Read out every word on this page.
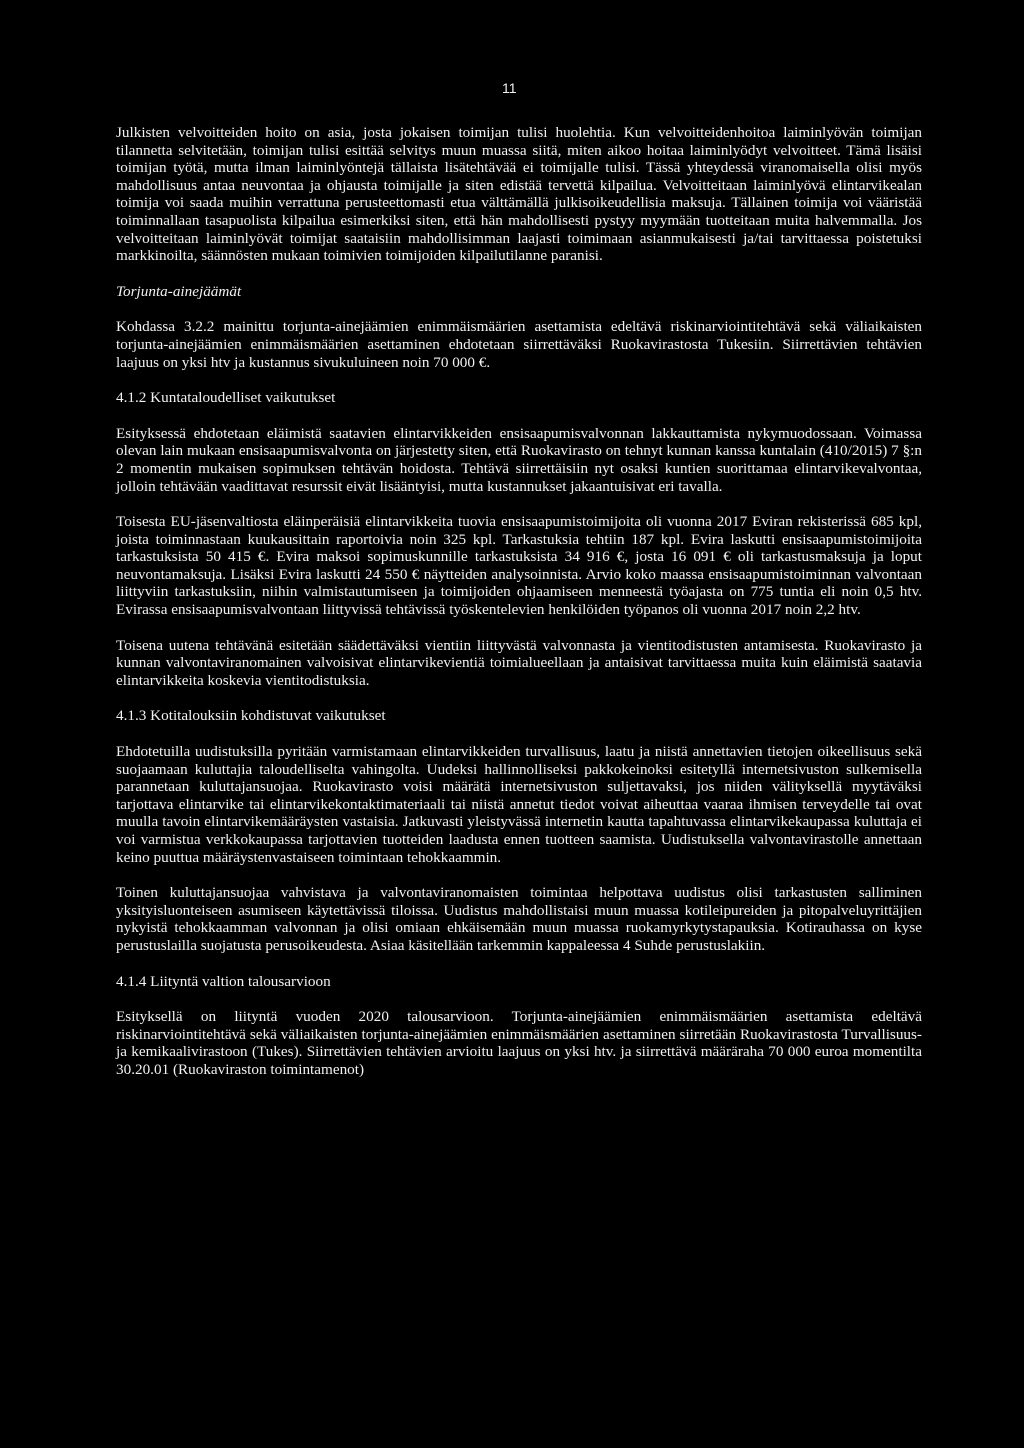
11

Julkisten velvoitteiden hoito on asia, josta jokaisen toimijan tulisi huolehtia. Kun velvoitteidenhoitoa laiminlyövän toimijan tilannetta selvitetään, toimijan tulisi esittää selvitys muun muassa siitä, miten aikoo hoitaa laiminlyödyt velvoitteet. Tämä lisäisi toimijan työtä, mutta ilman laiminlyöntejä tällaista lisätehtävää ei toimijalle tulisi. Tässä yhteydessä viranomaisella olisi myös mahdollisuus antaa neuvontaa ja ohjausta toimijalle ja siten edistää tervettä kilpailua. Velvoitteitaan laiminlyövä elintarvikealan toimija voi saada muihin verrattuna perusteettomasti etua välttämällä julkisoikeudellisia maksuja. Tällainen toimija voi vääristää toiminnallaan tasapuolista kilpailua esimerkiksi siten, että hän mahdollisesti pystyy myymään tuotteitaan muita halvemmalla. Jos velvoitteitaan laiminlyövät toimijat saataisiin mahdollisimman laajasti toimimaan asianmukaisesti ja/tai tarvittaessa poistetuksi markkinoilta, säännösten mukaan toimivien toimijoiden kilpailutilanne paranisi.

Torjunta-ainejäämät

Kohdassa 3.2.2 mainittu torjunta-ainejäämien enimmäismäärien asettamista edeltävä riskinarviointitehtävä sekä väliaikaisten torjunta-ainejäämien enimmäismäärien asettaminen ehdotetaan siirrettäväksi Ruokavirastosta Tukesiin. Siirrettävien tehtävien laajuus on yksi htv ja kustannus sivukuluineen noin 70 000 €.

4.1.2 Kuntataloudelliset vaikutukset

Esityksessä ehdotetaan eläimistä saatavien elintarvikkeiden ensisaapumisvalvonnan lakkauttamista nykymuodossaan. Voimassa olevan lain mukaan ensisaapumisvalvonta on järjestetty siten, että Ruokavirasto on tehnyt kunnan kanssa kuntalain (410/2015) 7 §:n 2 momentin mukaisen sopimuksen tehtävän hoidosta. Tehtävä siirrettäisiin nyt osaksi kuntien suorittamaa elintarvikevalvontaa, jolloin tehtävään vaadittavat resurssit eivät lisääntyisi, mutta kustannukset jakaantuisivat eri tavalla.

Toisesta EU-jäsenvaltiosta eläinperäisiä elintarvikkeita tuovia ensisaapumistoimijoita oli vuonna 2017 Eviran rekisterissä 685 kpl, joista toiminnastaan kuukausittain raportoivia noin 325 kpl. Tarkastuksia tehtiin 187 kpl. Evira laskutti ensisaapumistoimijoita tarkastuksista 50 415 €. Evira maksoi sopimuskunnille tarkastuksista 34 916 €, josta 16 091 € oli tarkastusmaksuja ja loput neuvontamaksuja. Lisäksi Evira laskutti 24 550 € näytteiden analysoinnista. Arvio koko maassa ensisaapumistoiminnan valvontaan liittyviin tarkastuksiin, niihin valmistautumiseen ja toimijoiden ohjaamiseen menneestä työajasta on 775 tuntia eli noin 0,5 htv. Evirassa ensisaapumisvalvontaan liittyvissä tehtävissä työskentelevien henkilöiden työpanos oli vuonna 2017 noin 2,2 htv.

Toisena uutena tehtävänä esitetään säädettäväksi vientiin liittyvästä valvonnasta ja vientitodistusten antamisesta. Ruokavirasto ja kunnan valvontaviranomainen valvoisivat elintarvikevientiä toimialueellaan ja antaisivat tarvittaessa muita kuin eläimistä saatavia elintarvikkeita koskevia vientitodistuksia.

4.1.3 Kotitalouksiin kohdistuvat vaikutukset

Ehdotetuilla uudistuksilla pyritään varmistamaan elintarvikkeiden turvallisuus, laatu ja niistä annettavien tietojen oikeellisuus sekä suojaamaan kuluttajia taloudelliselta vahingolta. Uudeksi hallinnolliseksi pakkokeinoksi esitetyllä internetsivuston sulkemisella parannetaan kuluttajansuojaa. Ruokavirasto voisi määrätä internetsivuston suljettavaksi, jos niiden välityksellä myytäväksi tarjottava elintarvike tai elintarvikekontaktimateriaali tai niistä annetut tiedot voivat aiheuttaa vaaraa ihmisen terveydelle tai ovat muulla tavoin elintarvikemääräysten vastaisia. Jatkuvasti yleistyvässä internetin kautta tapahtuvassa elintarvikekaupassa kuluttaja ei voi varmistua verkkokaupassa tarjottavien tuotteiden laadusta ennen tuotteen saamista. Uudistuksella valvontavirastolle annettaan keino puuttua määräystenvastaiseen toimintaan tehokkaammin.

Toinen kuluttajansuojaa vahvistava ja valvontaviranomaisten toimintaa helpottava uudistus olisi tarkastusten salliminen yksityisluonteiseen asumiseen käytettävissä tiloissa. Uudistus mahdollistaisi muun muassa kotileipureiden ja pitopalveluyrittäjien nykyistä tehokkaamman valvonnan ja olisi omiaan ehkäisemään muun muassa ruokamyrkytystapauksia. Kotirauhassa on kyse perustuslailla suojatusta perusoikeudesta. Asiaa käsitellään tarkemmin kappaleessa 4 Suhde perustuslakiin.

4.1.4 Liityntä valtion talousarvioon

Esityksellä on liityntä vuoden 2020 talousarvioon. Torjunta-ainejäämien enimmäismäärien asettamista edeltävä riskinarviointitehtävä sekä väliaikaisten torjunta-ainejäämien enimmäismäärien asettaminen siirretään Ruokavirastosta Turvallisuus- ja kemikaalivirastoon (Tukes). Siirrettävien tehtävien arvioitu laajuus on yksi htv. ja siirrettävä määräraha 70 000 euroa momentilta 30.20.01 (Ruokaviraston toimintamenot)
